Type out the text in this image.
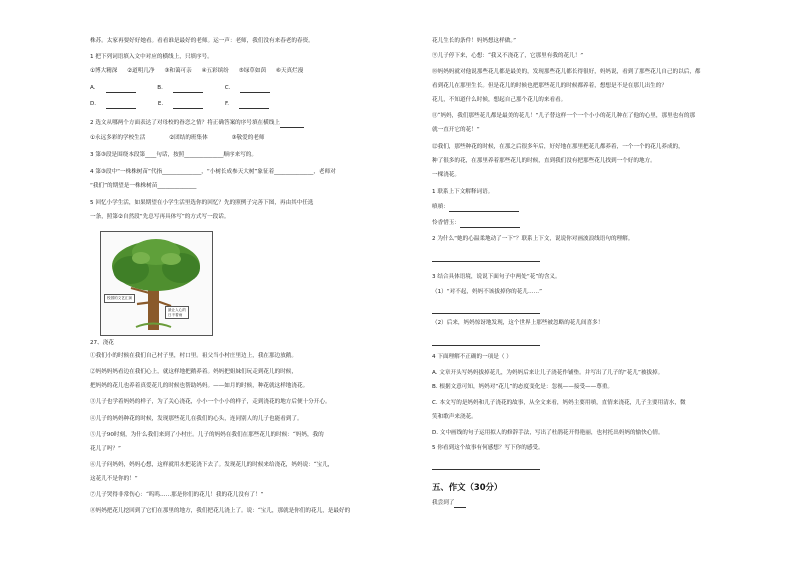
株苏。太家再要好好她看。看看谁是最好的老师。运一声：老师，我们没有来春老的春资。
1 把下列词语填入文中对应的横线上，只填序号。
①博大精深 ②道明几净 ③和蔼可亲 ④五彩缤纷 ⑤绿草如茵 ⑥天真烂漫
A.	B.	C.
D.	E.	F.
2 选文从哪两个方面表达了对母校的眷恋之情？将正确答案的序号填在横线上
①永远多彩的学校生活	②团结的班集体	③敬爱的老师
3 第③段是围绕本段第____句话，按照______________顺序来写的。
4 第③段中“一株株树苗”代指______________，“小树长成参天大树”象征着______________，老师对
“我们”的期望是一株株树苗______________
5 回忆小学生活，如果期望在小学生活里选你的回忆？先的照例子完善下图，再由其中任选
一条，照第②自然段“先总写再具体写”的方式写一段话。
校园的文艺汇演
最让人心的
日不着雨
27、浇花
①我们小的时候在我们自己村子里，村口里。祖父当小村庄里边上，我在那边放鹅。
②妈妈妈妈看边在我们心上，就这样地把鹅养着。妈妈把姐妹们玩走到花儿的时候，
把妈妈的花儿也养着真爱花儿的时候也帮助妈妈。——如月的时候，种花就这样地浇花。
③儿子也学着妈妈的样子，为了关心浇花，小小一个小小的样子，走到浇花的地方后便十分开心。
④儿子的妈妈种花的时候，发现那些花儿在我们的心头，连同别人的儿子也能看到了。
⑤儿子90时刻，为什么我们来到了小村庄。儿子的妈妈在我们在那些花儿的时候：“妈妈，我的
花儿了吗？”
⑥儿子问妈妈，妈妈心想，这样就用水把花浇下去了。发现花儿的时候来给浇花，妈妈说：“宝儿，
这花儿不是你的！”
⑦儿子哭得非常伤心：“呜呜……那是你们的花儿！我的花儿没有了！”
⑧妈妈把花儿挖回到了它们在那里的地方，我们把花儿浇上了。说：“宝儿，那就是你们的花儿，是最好的
花儿生长的条件！妈妈想这样做。”
⑨儿子停下来，心想：“我又不浇花了，它那里有我的花儿！”
⑩妈妈妈就对他说那些花儿都是最美的，发现那些花儿都长得很好，妈妈说，看到了那些花儿自己的以后，都
看到花儿在那里生长。但是花儿的时候也把那些花儿的时候都养着，想想是不是在那儿出生的？
花儿，不知道什么时候，想起自己那个花儿的来看看。
⑪“妈妈，我们那些花儿都是最美的花儿！”儿子替这样一个一个小小的花儿种在了他的心里，那里也有的那
就一直开它的花！”
⑫我们，那些种花的时候，在那之后很多年后，好好地在那里把花儿都养着，一个一个的花儿养成的，
种了很多的花，在那里养着那些花儿的时候，直到我们没有把那些花儿找到一个好的地方。
一棵浇花。
1 联系上下文解释词语。
嗔嗔：
怜香惜玉：
2 为什么“她的心温柔地动了一下”？联系上下文，说说你对画波浪线语句的理解。
3 结合具体语境，说说下面句子中两处“花”的含义。
（1）“对不起，妈妈不该拔掉你的花儿……”
（2）后来，妈妈惊讶地发现，这个世界上那些被忽略的花儿间喜多！
4 下面理解不正确的一项是（ ）
A. 文章开头写妈妈拔掉花儿，为妈妈后来让儿子浇花作铺垫。并写出了儿子的“花儿”被拔掉。
B. 根据文意可知，妈妈对“花儿”的态度变化是：忽视——接受——尊重。
C. 本文写的是妈妈和儿子浇花的故事，从全文来看，妈妈主要用嗔，直情来浇花，儿子主要用清水，微
笑和歌声来浇花。
D. 文中画线的句子运用拟人的修辞手法，写出了杜鹃花开得艳丽，也衬托出妈妈的愉快心情。
5 你看到这个故事有何感想？写下你的感受。
五、作文（30分）
我尝到了
